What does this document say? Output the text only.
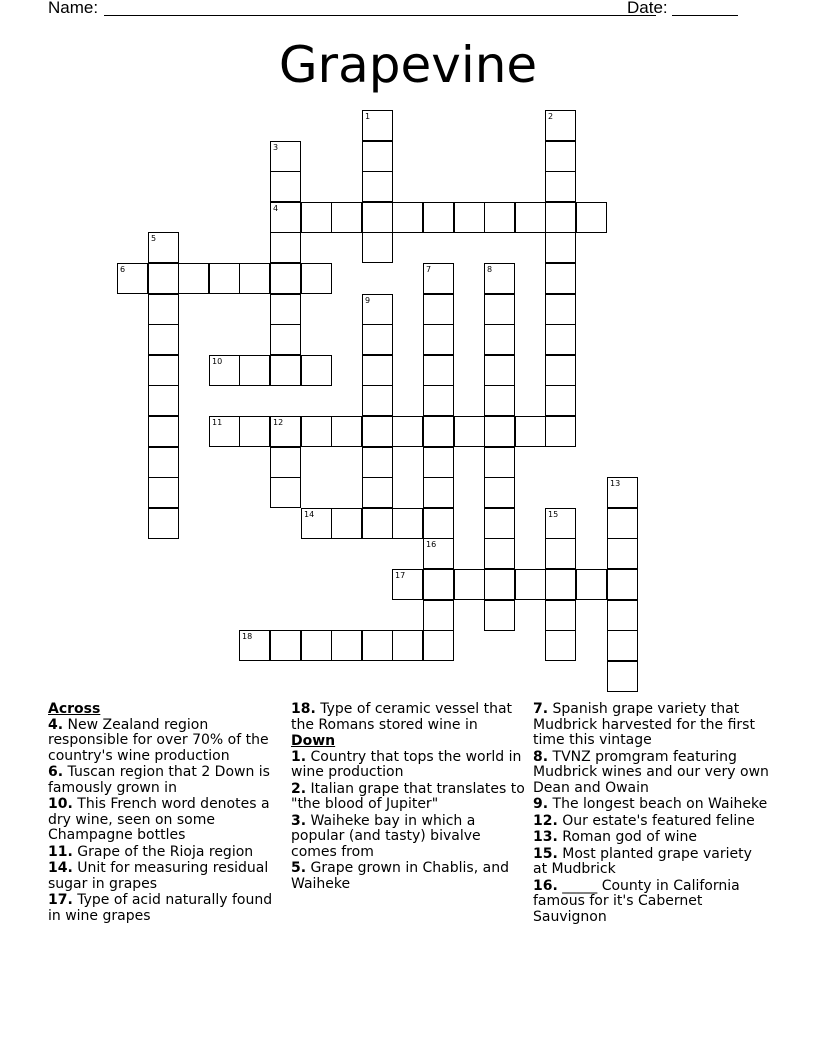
Name:	Date:
Grapevine
1	2
3
4
5
6	7
16
8
9
10
11	12
13
14	15
17
18
Across
4. New Zealand region responsible for over 70% of the country's wine production
6. Tuscan region that 2 Down is famously grown in
10. This French word denotes a dry wine, seen on some Champagne bottles
11. Grape of the Rioja region
14. Unit for measuring residual sugar in grapes
17. Type of acid naturally found in wine grapes
18. Type of ceramic vessel that the Romans stored wine in
Down
1. Country that tops the world in wine production
2. Italian grape that translates to "the blood of Jupiter"
3. Waiheke bay in which a popular (and tasty) bivalve comes from
5. Grape grown in Chablis, and Waiheke
7. Spanish grape variety that Mudbrick harvested for the first time this vintage
8. TVNZ promgram featuring Mudbrick wines and our very own Dean and Owain
9. The longest beach on Waiheke
12. Our estate's featured feline
13. Roman god of wine
15. Most planted grape variety at Mudbrick
16. _____ County in California famous for it's Cabernet Sauvignon
